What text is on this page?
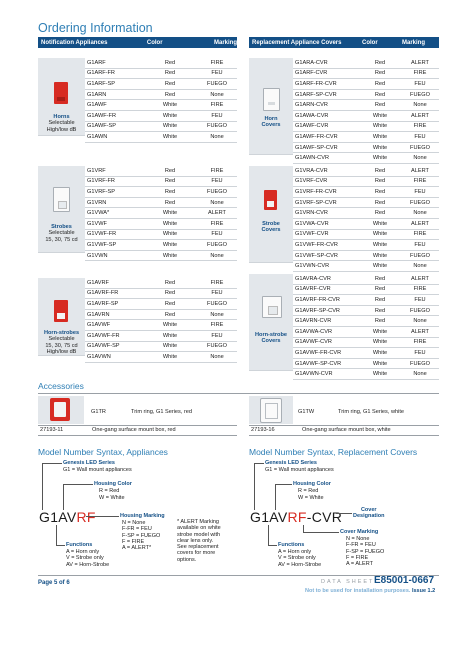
Ordering Information
Notification Appliances	Color	Marking
Horns
Selectable
High/low dB
G1ARF	Red	FIRE
G1ARF-FR	Red	FEU
G1ARF-SP	Red	FUEGO
G1ARN	Red	None
G1AWF	White	FIRE
G1AWF-FR	White	FEU
G1AWF-SP	White	FUEGO
G1AWN	White	None
Strobes
Selectable
15, 30, 75 cd
G1VRF	Red	FIRE
G1VRF-FR	Red	FEU
G1VRF-SP	Red	FUEGO
G1VRN	Red	None
G1VWA*	White	ALERT
G1VWF	White	FIRE
G1VWF-FR	White	FEU
G1VWF-SP	White	FUEGO
G1VWN	White	None
Horn-strobes
Selectable
15, 30, 75 cd
High/low dB
G1AVRF	Red	FIRE
G1AVRF-FR	Red	FEU
G1AVRF-SP	Red	FUEGO
G1AVRN	Red	None
G1AVWF	White	FIRE
G1AVWF-FR	White	FEU
G1AVWF-SP	White	FUEGO
G1AVWN	White	None
Replacement Appliance Covers	Color	Marking
Horn
Covers
G1ARA-CVR	Red	ALERT
G1ARF-CVR	Red	FIRE
G1ARF-FR-CVR	Red	FEU
G1ARF-SP-CVR	Red	FUEGO
G1ARN-CVR	Red	None
G1AWA-CVR	White	ALERT
G1AWF-CVR	White	FIRE
G1AWF-FR-CVR	White	FEU
G1AWF-SP-CVR	White	FUEGO
G1AWN-CVR	White	None
Strobe
Covers
G1VRA-CVR	Red	ALERT
G1VRF-CVR	Red	FIRE
G1VRF-FR-CVR	Red	FEU
G1VRF-SP-CVR	Red	FUEGO
G1VRN-CVR	Red	None
G1VWA-CVR	White	ALERT
G1VWF-CVR	White	FIRE
G1VWF-FR-CVR	White	FEU
G1VWF-SP-CVR	White	FUEGO
G1VWN-CVR	White	None
Horn-strobe
Covers
G1AVRA-CVR	Red	ALERT
G1AVRF-CVR	Red	FIRE
G1AVRF-FR-CVR	Red	FEU
G1AVRF-SP-CVR	Red	FUEGO
G1AVRN-CVR	Red	None
G1AVWA-CVR	White	ALERT
G1AVWF-CVR	White	FIRE
G1AVWF-FR-CVR	White	FEU
G1AVWF-SP-CVR	White	FUEGO
G1AVWN-CVR	White	None
Accessories
G1TR	Trim ring, G1 Series, red
27193-11	One-gang surface mount box, red
G1TW	Trim ring, G1 Series, white
27193-16	One-gang surface mount box, white
Model Number Syntax, Appliances
Genesis LED Series
G1 = Wall mount appliances
Housing Color
R = Red
W = White
G1AVRF	Housing Marking
N = None
F-FR = FEU
F-SP = FUEGO
F = FIRE
A = ALERT*
* ALERT Marking
available on white
strobe model with
clear lens only.
See replacement
covers for more
options.
Functions
A = Horn only
V = Strobe only
AV = Horn-Strobe
Model Number Syntax, Replacement Covers
Genesis LED Series
G1 = Wall mount appliances
Housing Color
R = Red
W = White
Cover
Designation
G1AVRF-CVR
Cover Marking
N = None
F-FR = FEU
F-SP = FUEGO
F = FIRE
A = ALERT
Functions
A = Horn only
V = Strobe only
AV = Horn-Strobe
Page 5 of 6	DATA SHEET E85001-0667
Not to be used for installation purposes. Issue 1.2
